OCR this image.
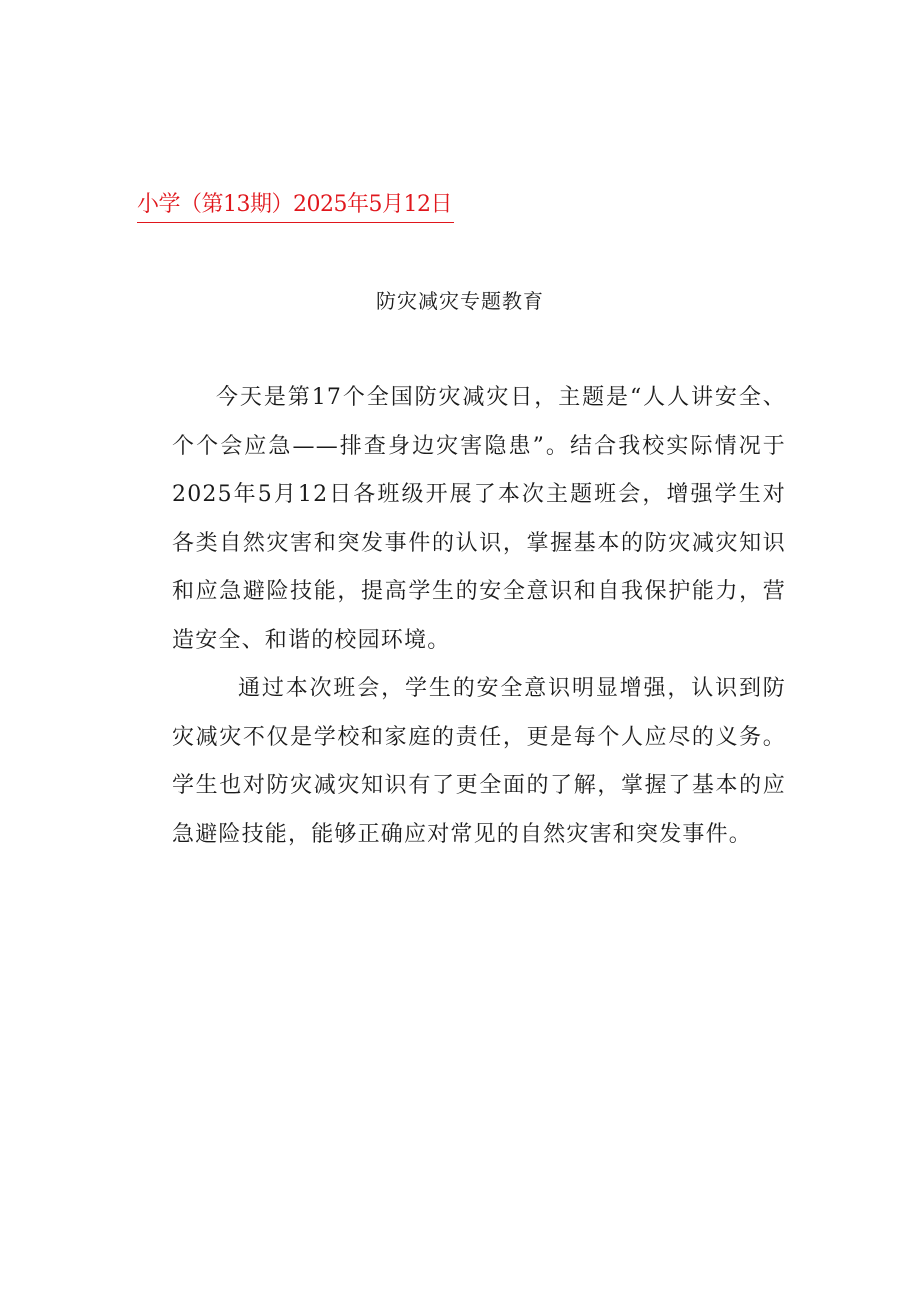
小学（第13期）2025年5月12日
防灾减灾专题教育

今天是第17个全国防灾减灾日，主题是“人人讲安全、个个会应急——排查身边灾害隐患”。结合我校实际情况于2025年5月12日各班级开展了本次主题班会，增强学生对各类自然灾害和突发事件的认识，掌握基本的防灾减灾知识和应急避险技能，提高学生的安全意识和自我保护能力，营造安全、和谐的校园环境。

通过本次班会，学生的安全意识明显增强，认识到防灾减灾不仅是学校和家庭的责任，更是每个人应尽的义务。学生也对防灾减灾知识有了更全面的了解，掌握了基本的应急避险技能，能够正确应对常见的自然灾害和突发事件。
